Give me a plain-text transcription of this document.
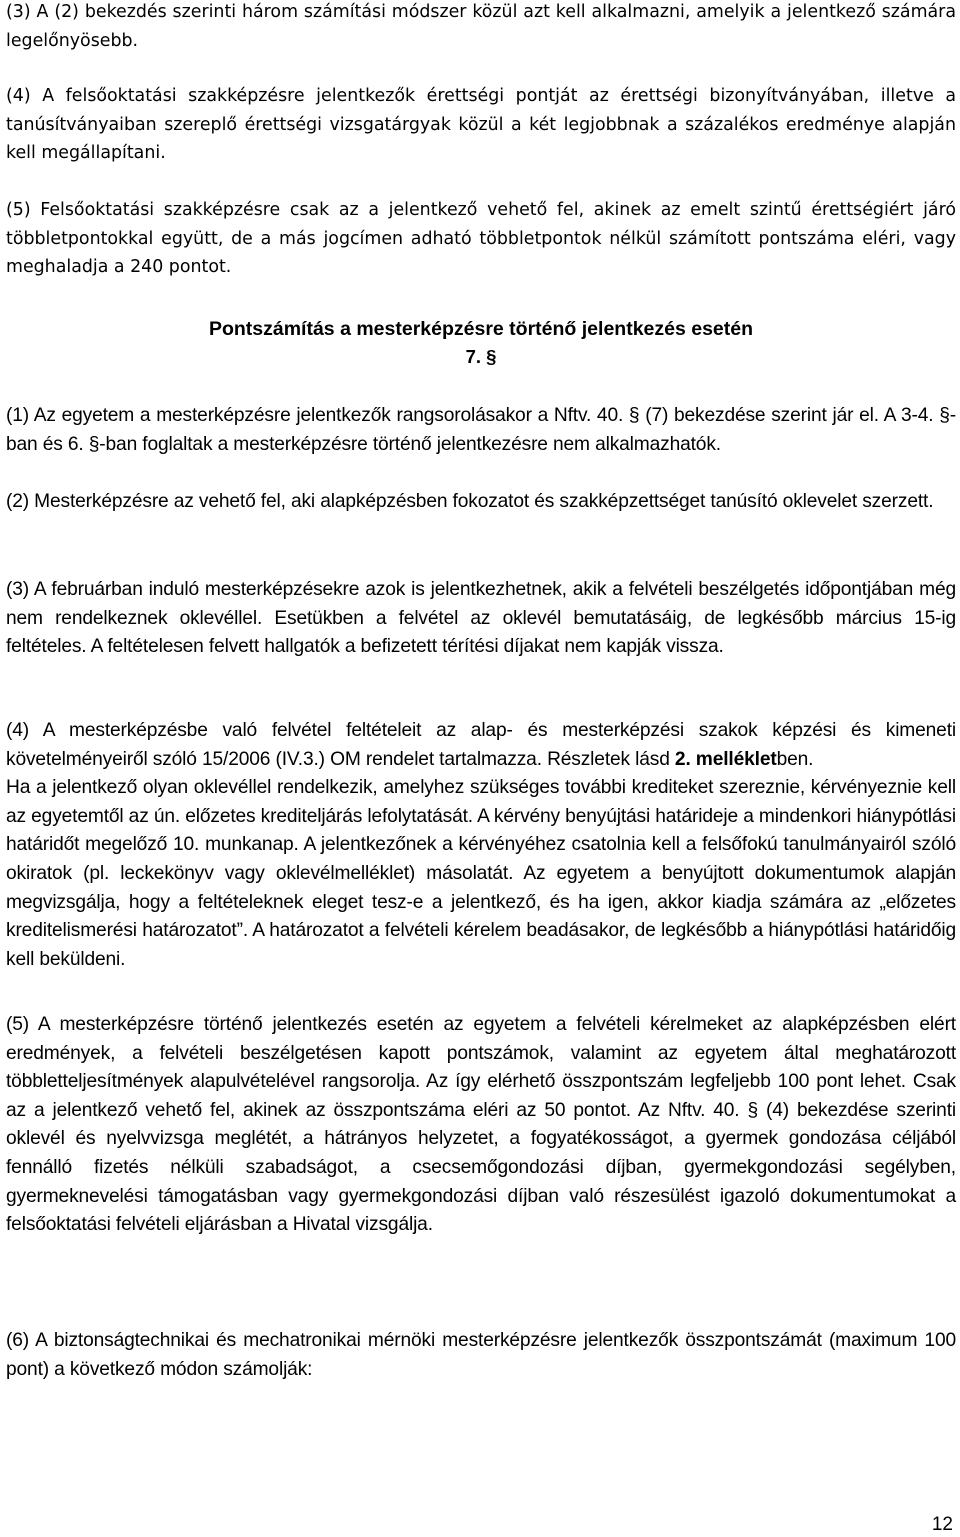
(3) A (2) bekezdés szerinti három számítási módszer közül azt kell alkalmazni, amelyik a jelentkező számára legelőnyösebb.

(4) A felsőoktatási szakképzésre jelentkezők érettségi pontját az érettségi bizonyítványában, illetve a tanúsítványaiban szereplő érettségi vizsgatárgyak közül a két legjobbnak a százalékos eredménye alapján kell megállapítani.

(5) Felsőoktatási szakképzésre csak az a jelentkező vehető fel, akinek az emelt szintű érettségiért járó többletpontokkal együtt, de a más jogcímen adható többletpontok nélkül számított pontszáma eléri, vagy meghaladja a 240 pontot.

Pontszámítás a mesterképzésre történő jelentkezés esetén

7. §

(1) Az egyetem a mesterképzésre jelentkezők rangsorolásakor a Nftv. 40. § (7) bekezdése szerint jár el. A 3-4. §-ban és 6. §-ban foglaltak a mesterképzésre történő jelentkezésre nem alkalmazhatók.

(2) Mesterképzésre az vehető fel, aki alapképzésben fokozatot és szakképzettséget tanúsító oklevelet szerzett.

(3) A februárban induló mesterképzésekre azok is jelentkezhetnek, akik a felvételi beszélgetés időpontjában még nem rendelkeznek oklevéllel. Esetükben a felvétel az oklevél bemutatásáig, de legkésőbb március 15-ig feltételes. A feltételesen felvett hallgatók a befizetett térítési díjakat nem kapják vissza.

(4) A mesterképzésbe való felvétel feltételeit az alap- és mesterképzési szakok képzési és kimeneti követelményeiről szóló 15/2006 (IV.3.) OM rendelet tartalmazza. Részletek lásd 2. mellékletben.

Ha a jelentkező olyan oklevéllel rendelkezik, amelyhez szükséges további krediteket szereznie, kérvényeznie kell az egyetemtől az ún. előzetes krediteljárás lefolytatását. A kérvény benyújtási határideje a mindenkori hiánypótlási határidőt megelőző 10. munkanap. A jelentkezőnek a kérvényéhez csatolnia kell a felsőfokú tanulmányairól szóló okiratok (pl. leckekönyv vagy oklevélmelléklet) másolatát. Az egyetem a benyújtott dokumentumok alapján megvizsgálja, hogy a feltételeknek eleget tesz-e a jelentkező, és ha igen, akkor kiadja számára az „előzetes kreditelismerési határozatot”. A határozatot a felvételi kérelem beadásakor, de legkésőbb a hiánypótlási határidőig kell beküldeni.

(5) A mesterképzésre történő jelentkezés esetén az egyetem a felvételi kérelmeket az alapképzésben elért eredmények, a felvételi beszélgetésen kapott pontszámok, valamint az egyetem által meghatározott többletteljesítmények alapulvételével rangsorolja. Az így elérhető összpontszám legfeljebb 100 pont lehet. Csak az a jelentkező vehető fel, akinek az összpontszáma eléri az 50 pontot. Az Nftv. 40. § (4) bekezdése szerinti oklevél és nyelvvizsga meglétét, a hátrányos helyzetet, a fogyatékosságot, a gyermek gondozása céljából fennálló fizetés nélküli szabadságot, a csecsemőgondozási díjban, gyermekgondozási segélyben, gyermeknevelési támogatásban vagy gyermekgondozási díjban való részesülést igazoló dokumentumokat a felsőoktatási felvételi eljárásban a Hivatal vizsgálja.

(6) A biztonságtechnikai és mechatronikai mérnöki mesterképzésre jelentkezők összpontszámát (maximum 100 pont) a következő módon számolják:

12
